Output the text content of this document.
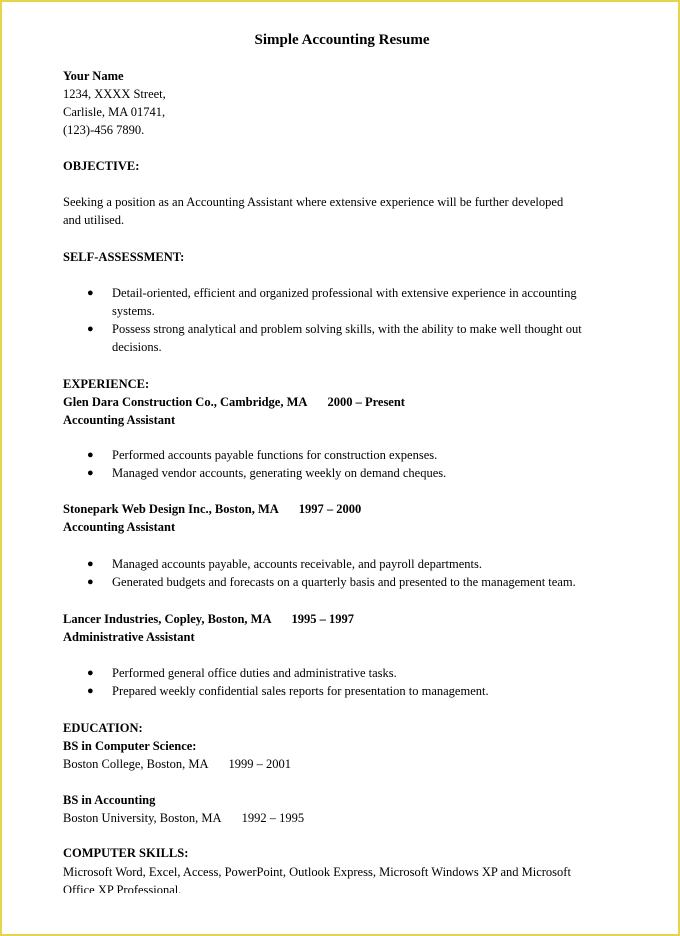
Simple Accounting Resume
Your Name
1234, XXXX Street,
Carlisle, MA 01741,
(123)-456 7890.
OBJECTIVE:
Seeking a position as an Accounting Assistant where extensive experience will be further developed
and utilised.
SELF-ASSESSMENT:
● Detail-oriented, efficient and organized professional with extensive experience in accounting
systems.
● Possess strong analytical and problem solving skills, with the ability to make well thought out
decisions.
EXPERIENCE:
Glen Dara Construction Co., Cambridge, MA 2000 – Present
Accounting Assistant
● Performed accounts payable functions for construction expenses.
● Managed vendor accounts, generating weekly on demand cheques.
Stonepark Web Design Inc., Boston, MA 1997 – 2000
Accounting Assistant
● Managed accounts payable, accounts receivable, and payroll departments.
● Generated budgets and forecasts on a quarterly basis and presented to the management team.
Lancer Industries, Copley, Boston, MA 1995 – 1997
Administrative Assistant
● Performed general office duties and administrative tasks.
● Prepared weekly confidential sales reports for presentation to management.
EDUCATION:
BS in Computer Science:
Boston College, Boston, MA 1999 – 2001
BS in Accounting
Boston University, Boston, MA 1992 – 1995
COMPUTER SKILLS:
Microsoft Word, Excel, Access, PowerPoint, Outlook Express, Microsoft Windows XP and Microsoft
Office XP Professional.
